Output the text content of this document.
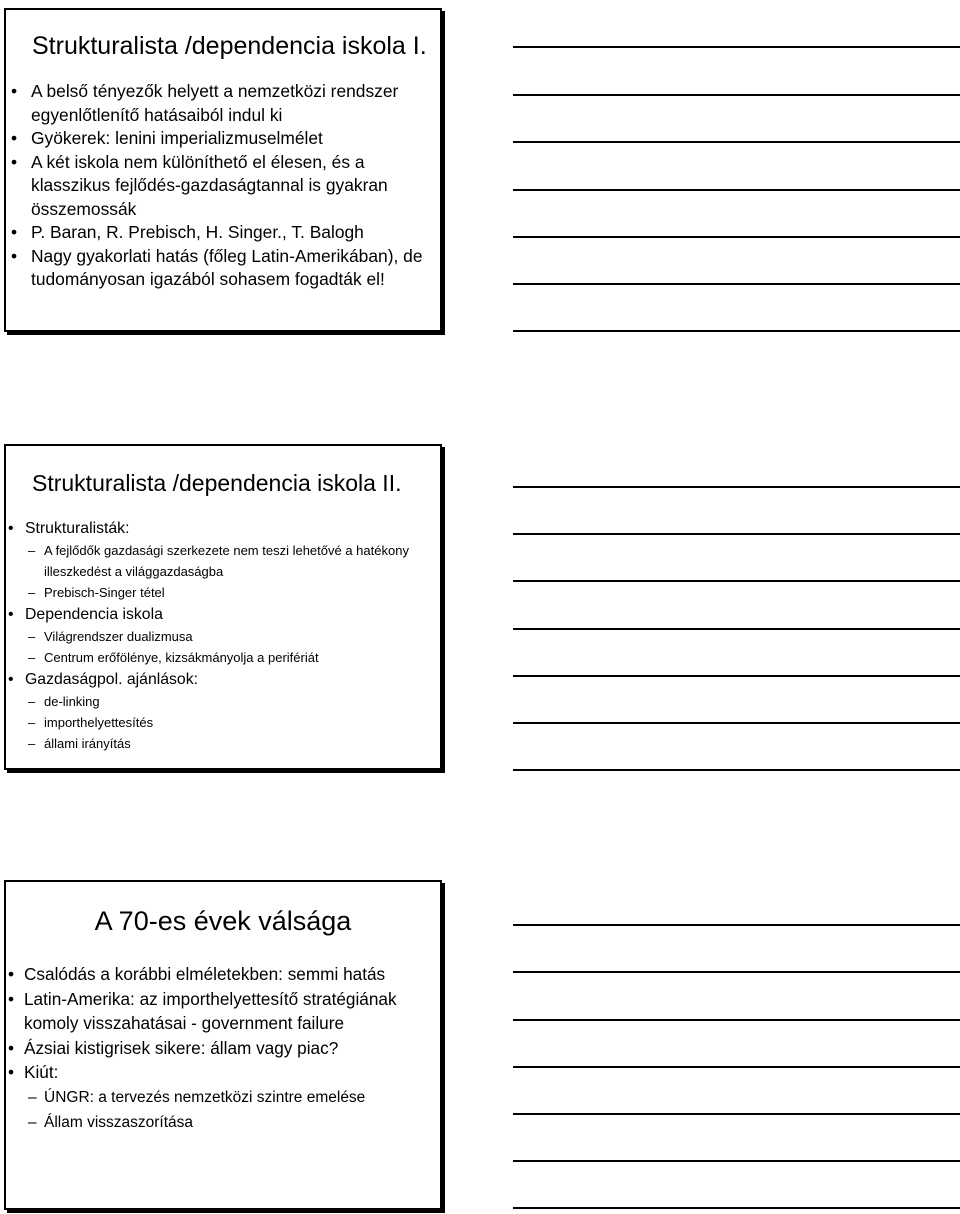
Strukturalista /dependencia iskola I.
• A belső tényezők helyett a nemzetközi rendszer egyenlőtlenítő hatásaiból indul ki
• Gyökerek: lenini imperializmuselmélet
• A két iskola nem különíthető el élesen, és a klasszikus fejlődés-gazdaságtannal is gyakran összemossák
• P. Baran, R. Prebisch, H. Singer., T. Balogh
• Nagy gyakorlati hatás (főleg Latin-Amerikában), de tudományosan igazából sohasem fogadták el!
Strukturalista /dependencia iskola II.
• Strukturalisták:
– A fejlődők gazdasági szerkezete nem teszi lehetővé a hatékony illeszkedést a világgazdaságba
– Prebisch-Singer tétel
• Dependencia iskola
– Világrendszer dualizmusa
– Centrum erőfölénye, kizsákmányolja a perifériát
• Gazdaságpol. ajánlások:
– de-linking
– importhelyettesítés
– állami irányítás
A 70-es évek válsága
• Csalódás a korábbi elméletekben: semmi hatás
• Latin-Amerika: az importhelyettesítő stratégiának komoly visszahatásai - government failure
• Ázsiai kistigrisek sikere: állam vagy piac?
• Kiút:
– ÚNGR: a tervezés nemzetközi szintre emelése
– Állam visszaszorítása
